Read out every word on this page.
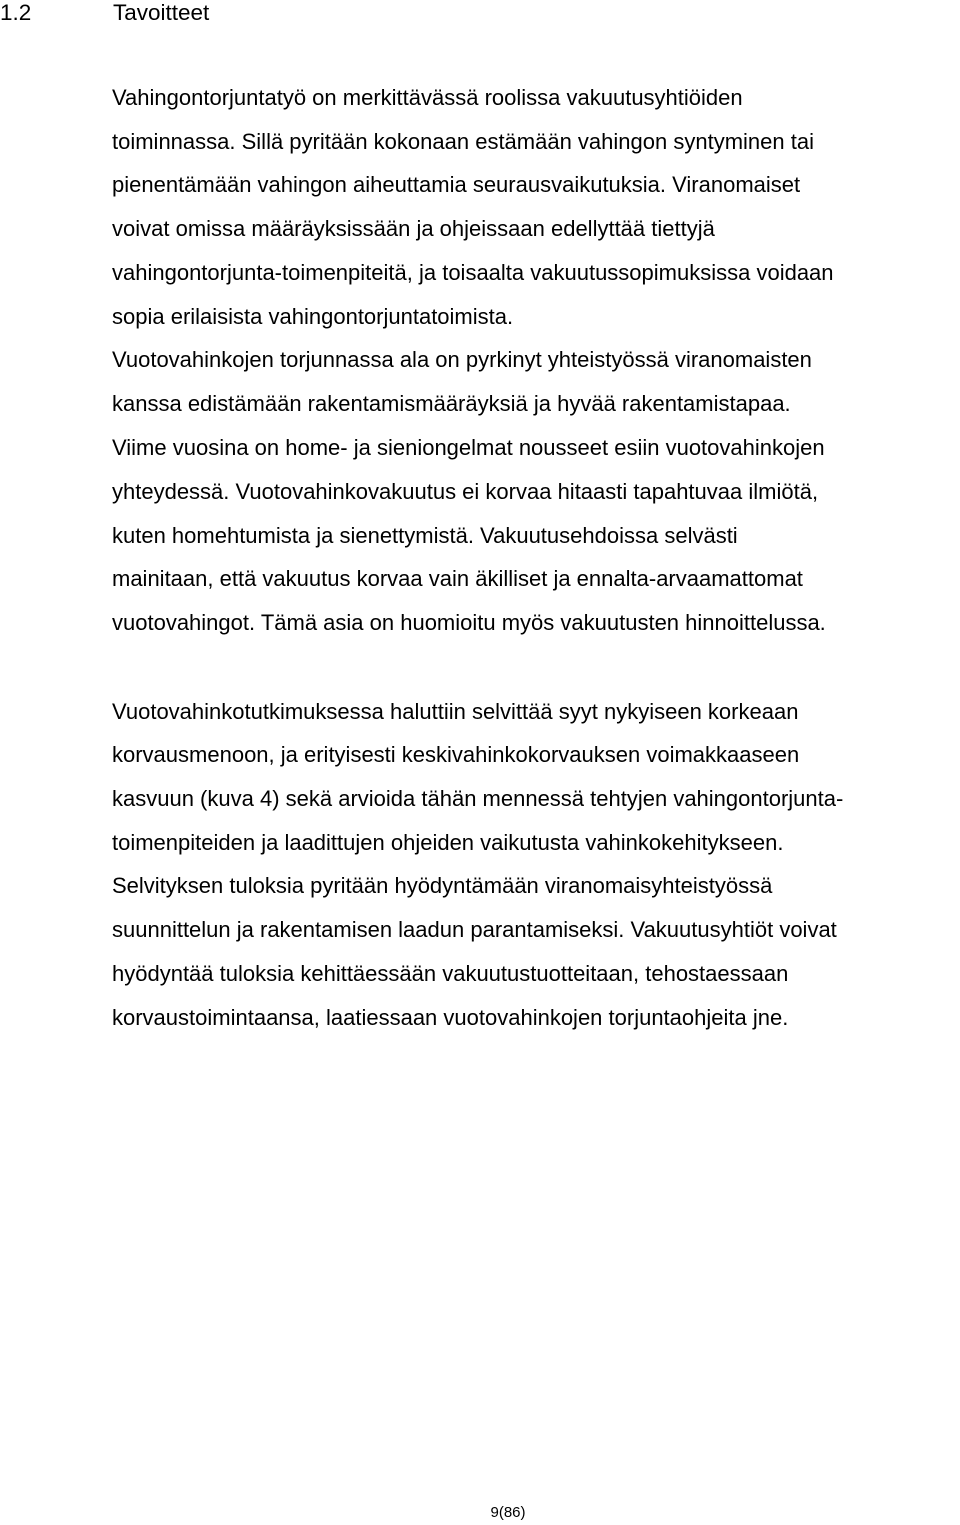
1.2	Tavoitteet
Vahingontorjuntatyö on merkittävässä roolissa vakuutusyhtiöiden
toiminnassa. Sillä pyritään kokonaan estämään vahingon syntyminen tai
pienentämään vahingon aiheuttamia seurausvaikutuksia. Viranomaiset
voivat omissa määräyksissään ja ohjeissaan edellyttää tiettyjä
vahingontorjunta-toimenpiteitä, ja toisaalta vakuutussopimuksissa voidaan
sopia erilaisista vahingontorjuntatoimista.
Vuotovahinkojen torjunnassa ala on pyrkinyt yhteistyössä viranomaisten
kanssa edistämään rakentamismääräyksiä ja hyvää rakentamistapaa.
Viime vuosina on home- ja sieniongelmat nousseet esiin vuotovahinkojen
yhteydessä. Vuotovahinkovakuutus ei korvaa hitaasti tapahtuvaa ilmiötä,
kuten homehtumista ja sienettymistä. Vakuutusehdoissa selvästi
mainitaan, että vakuutus korvaa vain äkilliset ja ennalta-arvaamattomat
vuotovahingot. Tämä asia on huomioitu myös vakuutusten hinnoittelussa.
Vuotovahinkotutkimuksessa haluttiin selvittää syyt nykyiseen korkeaan
korvausmenoon, ja erityisesti keskivahinkokorvauksen voimakkaaseen
kasvuun (kuva 4) sekä arvioida tähän mennessä tehtyjen vahingontorjunta-
toimenpiteiden ja laadittujen ohjeiden vaikutusta vahinkokehitykseen.
Selvityksen tuloksia pyritään hyödyntämään viranomaisyhteistyössä
suunnittelun ja rakentamisen laadun parantamiseksi. Vakuutusyhtiöt voivat
hyödyntää tuloksia kehittäessään vakuutustuotteitaan, tehostaessaan
korvaustoimintaansa, laatiessaan vuotovahinkojen torjuntaohjeita jne.
9(86)
